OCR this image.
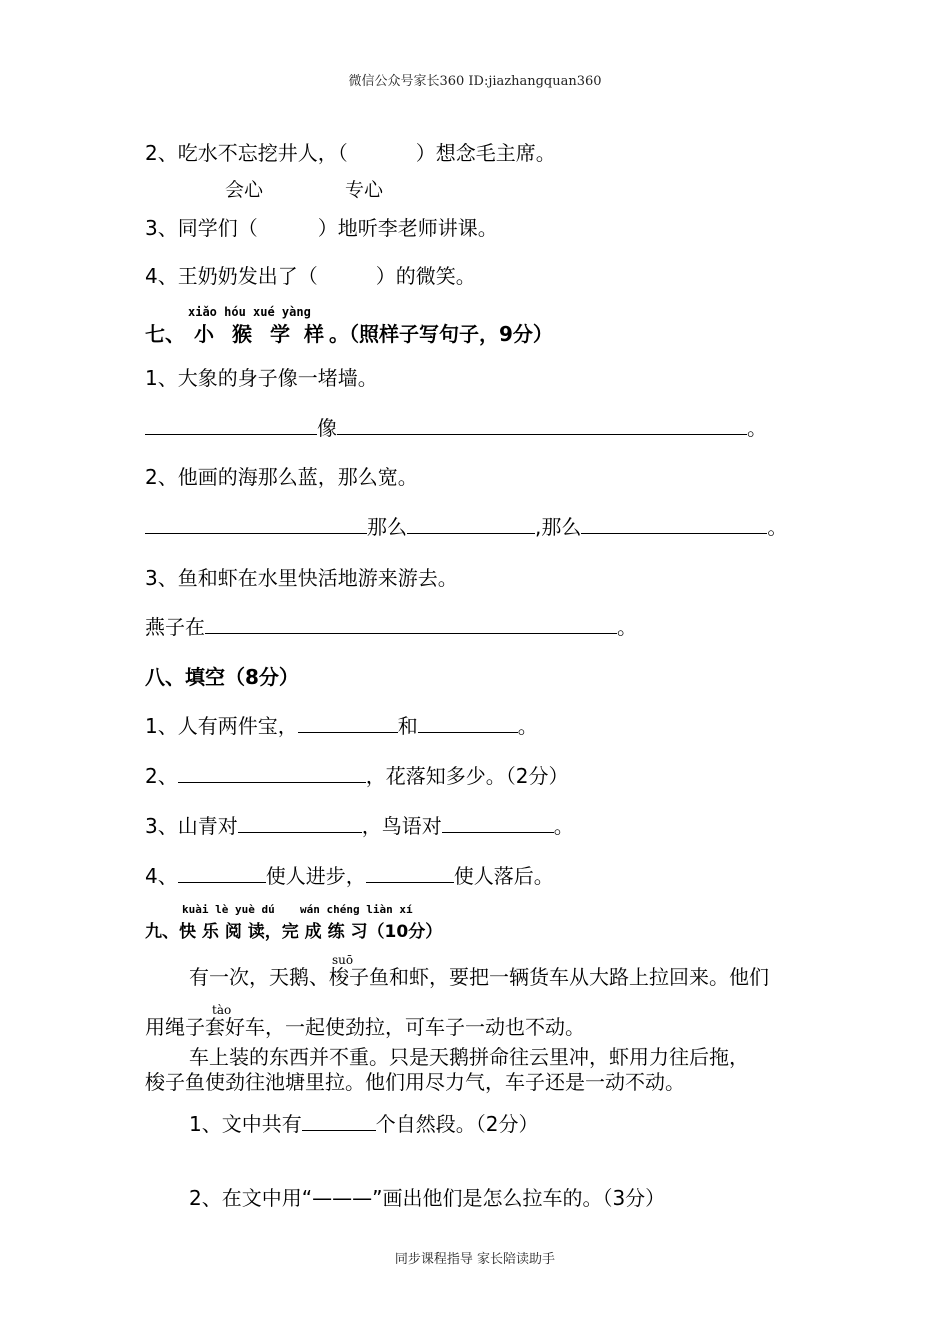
微信公众号家长360 ID:jiazhangquan360
2、吃水不忘挖井人，（	）想念毛主席。
会心	专心
3、同学们（	）地听李老师讲课。
4、王奶奶发出了（	）的微笑。
xiǎo hóu xué yàng
七、 小 猴 学 样 。（照样子写句子，9分）
1、大象的身子像一堵墙。
像	。
2、他画的海那么蓝，那么宽。
那么	,那么	。
3、鱼和虾在水里快活地游来游去。
燕子在	。
八、填空（8分）
1、人有两件宝，	和	。
2、	，花落知多少。（2分）
3、山青对	，鸟语对	。
4、	使人进步，	使人落后。
kuài lè yuè dú wán chéng liàn xí
九、快 乐 阅 读，完 成 练 习（10分）
suō
有一次，天鹅、梭子鱼和虾，要把一辆货车从大路上拉回来。他们
tào
用绳子套好车，一起使劲拉，可车子一动也不动。
车上装的东西并不重。只是天鹅拼命往云里冲，虾用力往后拖，
梭子鱼使劲往池塘里拉。他们用尽力气，车子还是一动不动。
1、文中共有	个自然段。（2分）
2、在文中用“———”画出他们是怎么拉车的。（3分）
同步课程指导 家长陪读助手
